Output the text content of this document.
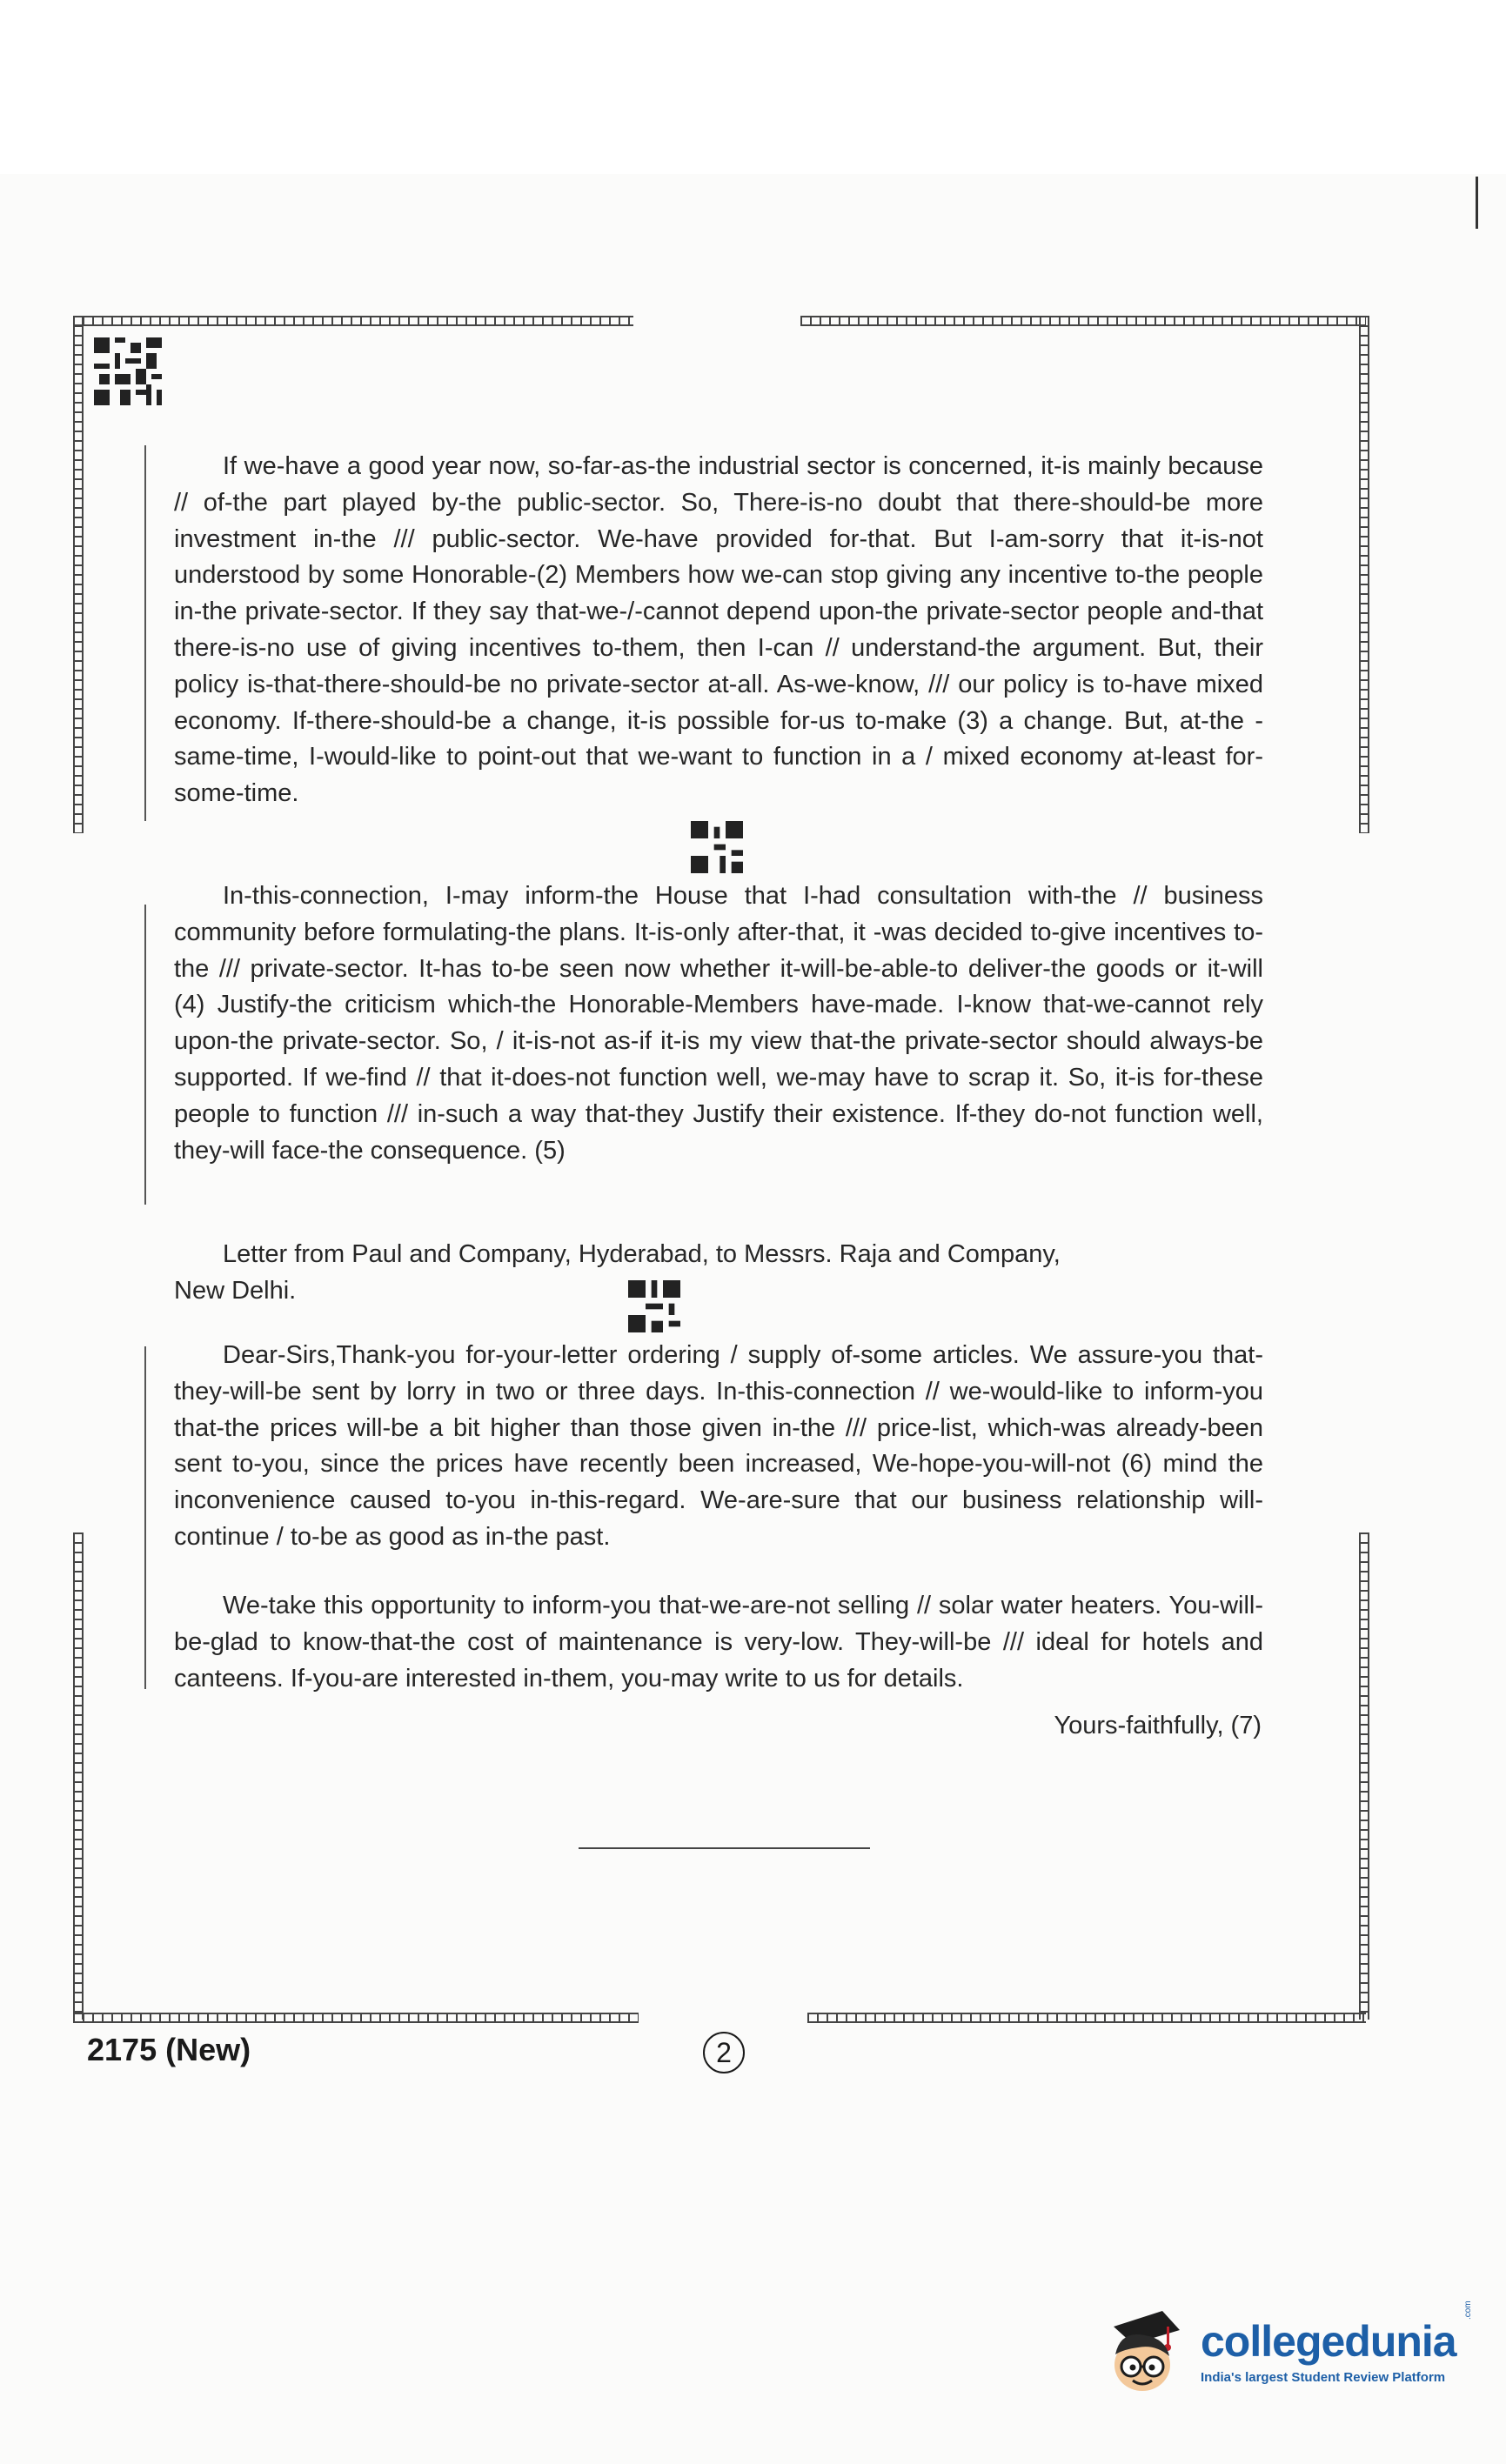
If we-have a good year now, so-far-as-the industrial sector is concerned, it-is mainly because // of-the part played by-the public-sector. So, There-is-no doubt that there-should-be more investment in-the /// public-sector. We-have provided for-that. But I-am-sorry that it-is-not understood by some Honorable-(2) Members how we-can stop giving any incentive to-the people in-the private-sector. If they say that-we-/-cannot depend upon-the private-sector people and-that there-is-no use of giving incentives to-them, then I-can // understand-the argument. But, their policy is-that-there-should-be no private-sector at-all. As-we-know, /// our policy is to-have mixed economy. If-there-should-be a change, it-is possible for-us to-make (3) a change. But, at-the -same-time, I-would-like to point-out that we-want to function in a / mixed economy at-least for-some-time.

In-this-connection, I-may inform-the House that I-had consultation with-the // business community before formulating-the plans. It-is-only after-that, it -was decided to-give incentives to-the /// private-sector. It-has to-be seen now whether it-will-be-able-to deliver-the goods or it-will (4) Justify-the criticism which-the Honorable-Members have-made. I-know that-we-cannot rely upon-the private-sector. So, / it-is-not as-if it-is my view that-the private-sector should always-be supported. If we-find // that it-does-not function well, we-may have to scrap it. So, it-is for-these people to function /// in-such a way that-they Justify their existence. If-they do-not function well, they-will face-the consequence. (5)

Letter from Paul and Company, Hyderabad, to Messrs. Raja and Company,
New Delhi.

Dear-Sirs,Thank-you for-your-letter ordering / supply of-some articles. We assure-you that-they-will-be sent by lorry in two or three days. In-this-connection // we-would-like to inform-you that-the prices will-be a bit higher than those given in-the /// price-list, which-was already-been sent to-you, since the prices have recently been increased, We-hope-you-will-not (6) mind the inconvenience caused to-you in-this-regard. We-are-sure that our business relationship will-continue / to-be as good as in-the past.

We-take this opportunity to inform-you that-we-are-not selling // solar water heaters. You-will-be-glad to know-that-the cost of maintenance is very-low. They-will-be /// ideal for hotels and canteens. If-you-are interested in-them, you-may write to us for details.

Yours-faithfully, (7)
2175 (New)	2
collegedunia
.com
India's largest Student Review Platform
